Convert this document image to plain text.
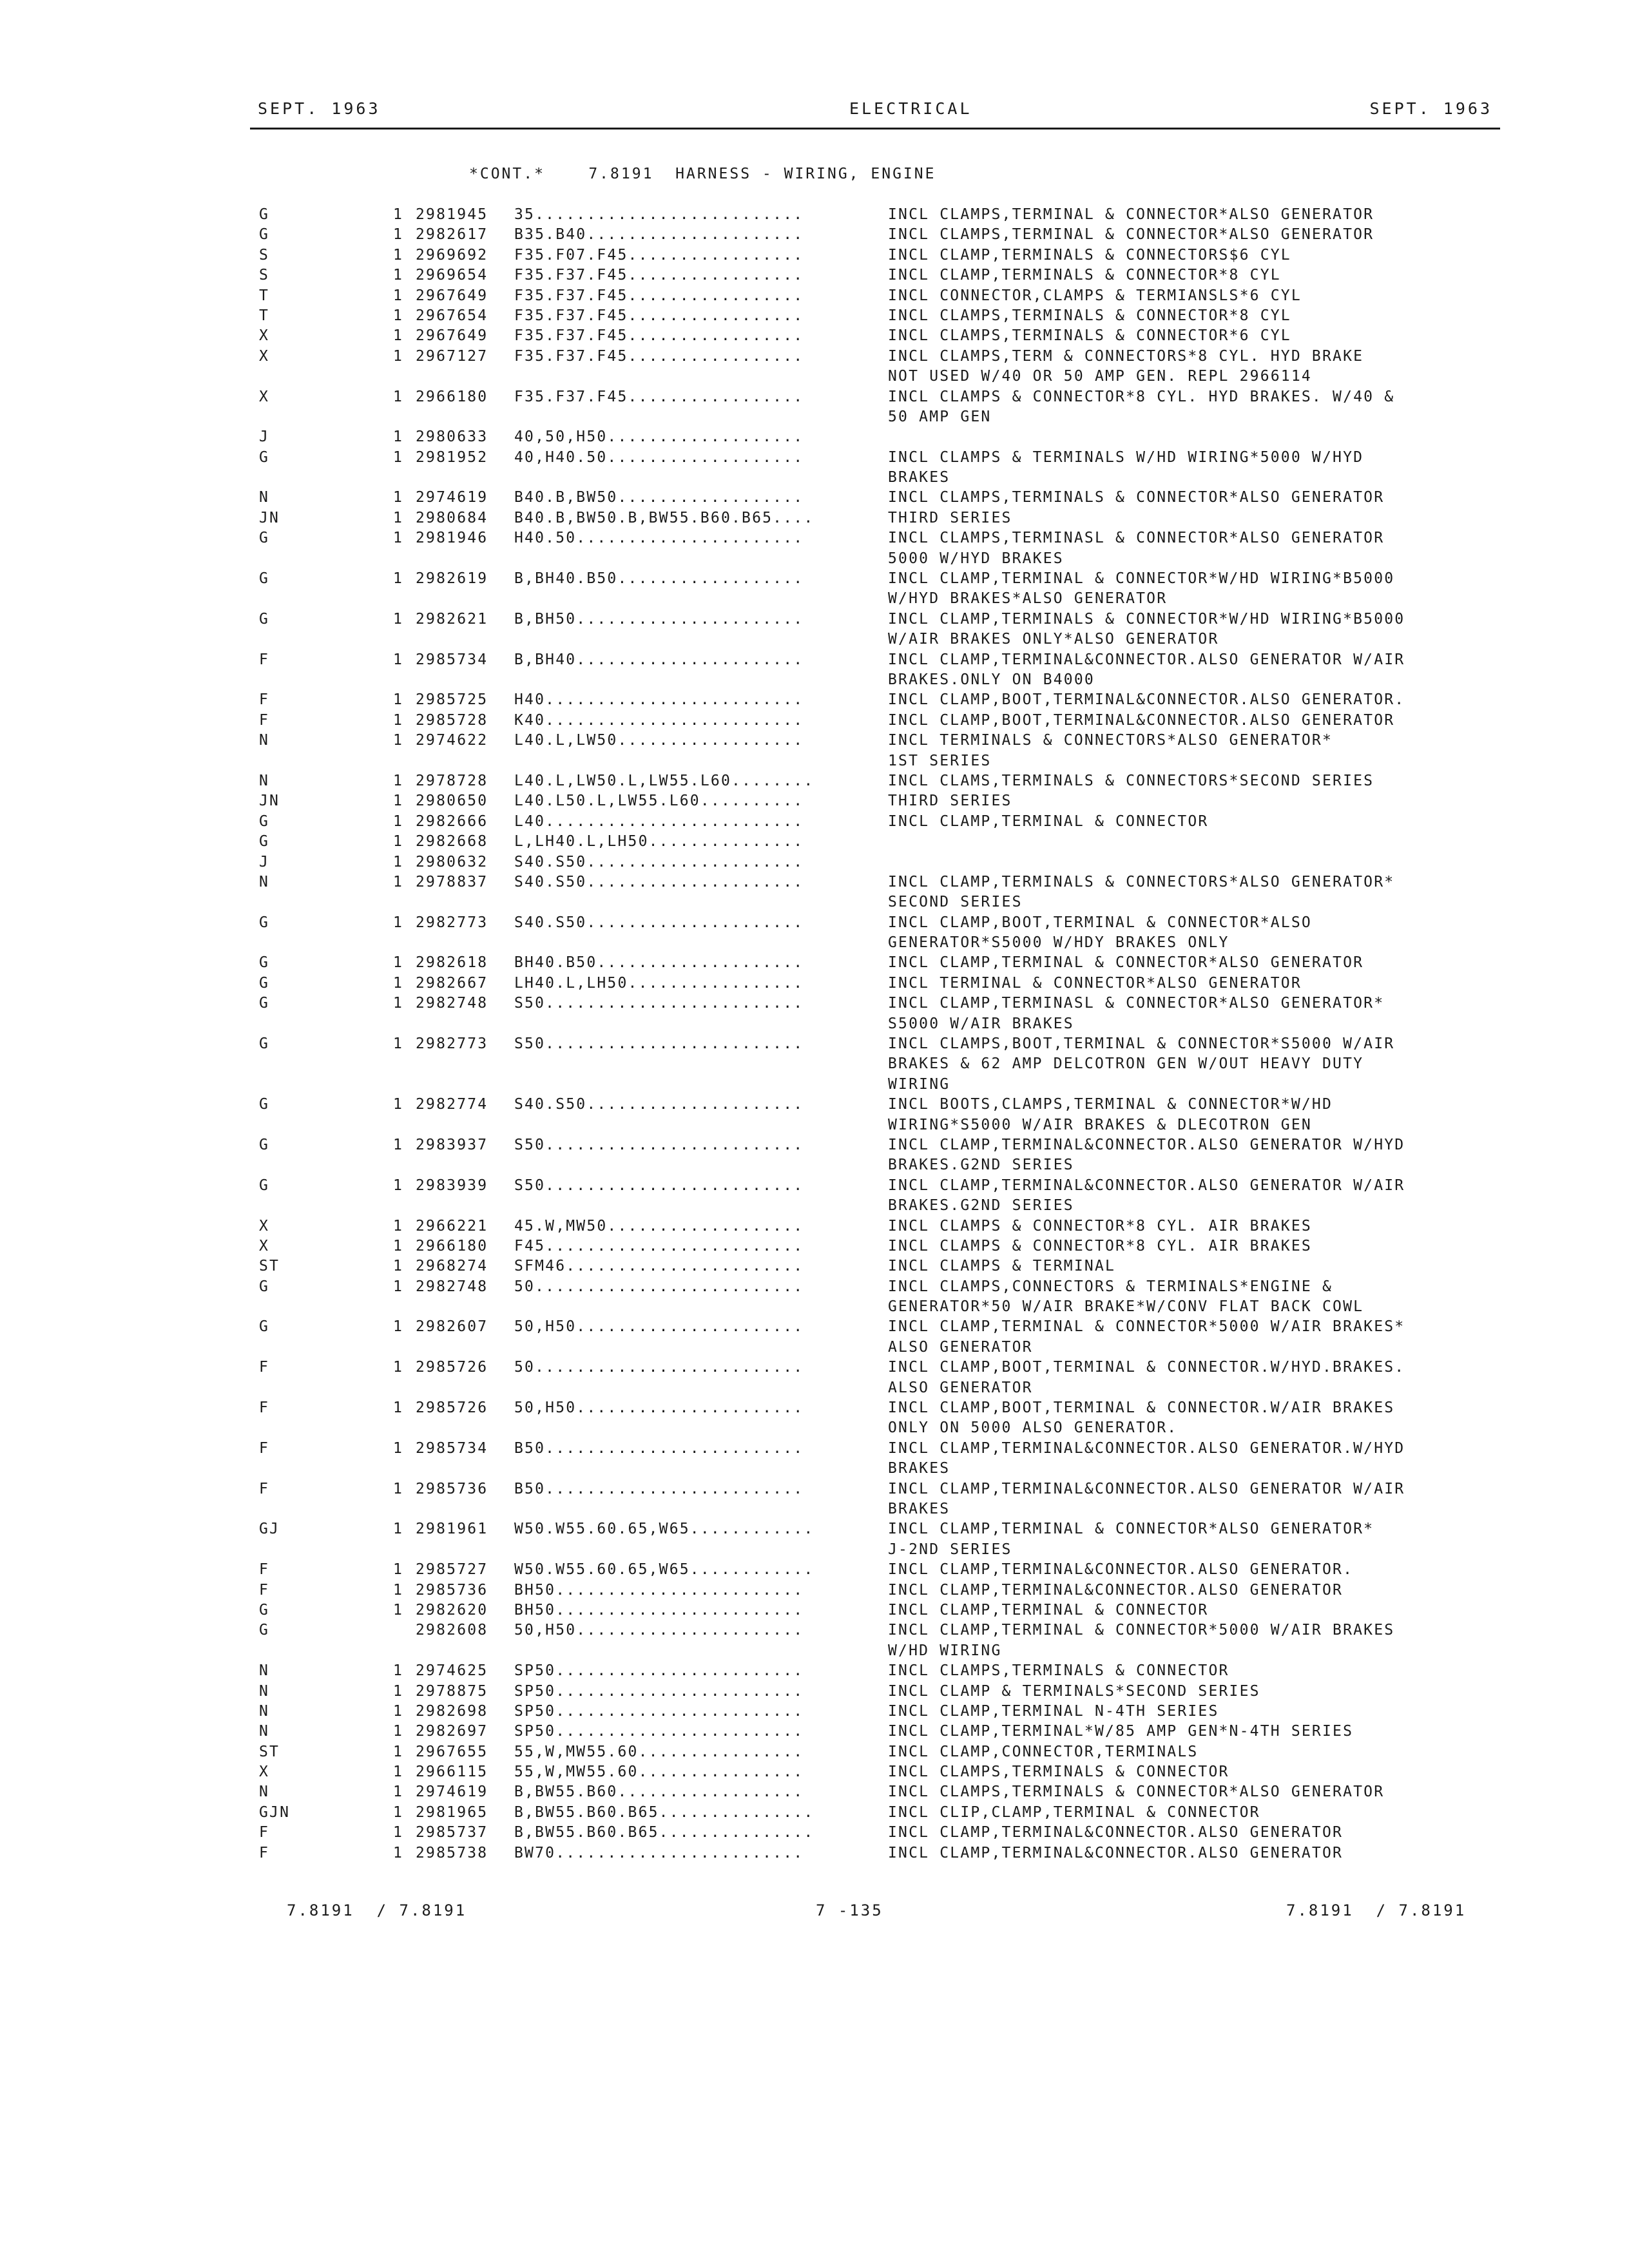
SEPT. 1963	ELECTRICAL	SEPT. 1963
*CONT.*	7.8191 HARNESS - WIRING, ENGINE
G	1 2981945 35..........................	INCL CLAMPS,TERMINAL & CONNECTOR*ALSO GENERATOR
G	1 2982617 B35.B40.....................	INCL CLAMPS,TERMINAL & CONNECTOR*ALSO GENERATOR
S	1 2969692 F35.F07.F45.................	INCL CLAMP,TERMINALS & CONNECTORS$6 CYL
S	1 2969654 F35.F37.F45.................	INCL CLAMP,TERMINALS & CONNECTOR*8 CYL
T	1 2967649 F35.F37.F45.................	INCL CONNECTOR,CLAMPS & TERMIANSLS*6 CYL
T	1 2967654 F35.F37.F45.................	INCL CLAMPS,TERMINALS & CONNECTOR*8 CYL
X	1 2967649 F35.F37.F45.................	INCL CLAMPS,TERMINALS & CONNECTOR*6 CYL
X	1 2967127 F35.F37.F45.................	INCL CLAMPS,TERM & CONNECTORS*8 CYL. HYD BRAKE
NOT USED W/40 OR 50 AMP GEN. REPL 2966114
X	1 2966180 F35.F37.F45.................	INCL CLAMPS & CONNECTOR*8 CYL. HYD BRAKES. W/40 &
50 AMP GEN
J	1 2980633 40,50,H50...................
G	1 2981952 40,H40.50...................	INCL CLAMPS & TERMINALS W/HD WIRING*5000 W/HYD
BRAKES
N	1 2974619 B40.B,BW50..................	INCL CLAMPS,TERMINALS & CONNECTOR*ALSO GENERATOR
JN	1 2980684 B40.B,BW50.B,BW55.B60.B65....	THIRD SERIES
G	1 2981946 H40.50......................	INCL CLAMPS,TERMINASL & CONNECTOR*ALSO GENERATOR
5000 W/HYD BRAKES
G	1 2982619 B,BH40.B50..................	INCL CLAMP,TERMINAL & CONNECTOR*W/HD WIRING*B5000
W/HYD BRAKES*ALSO GENERATOR
G	1 2982621 B,BH50......................	INCL CLAMP,TERMINALS & CONNECTOR*W/HD WIRING*B5000
W/AIR BRAKES ONLY*ALSO GENERATOR
F	1 2985734 B,BH40......................	INCL CLAMP,TERMINAL&CONNECTOR.ALSO GENERATOR W/AIR
BRAKES.ONLY ON B4000
F	1 2985725 H40.........................	INCL CLAMP,BOOT,TERMINAL&CONNECTOR.ALSO GENERATOR.
F	1 2985728 K40.........................	INCL CLAMP,BOOT,TERMINAL&CONNECTOR.ALSO GENERATOR
N	1 2974622 L40.L,LW50..................	INCL TERMINALS & CONNECTORS*ALSO GENERATOR*
1ST SERIES
N	1 2978728 L40.L,LW50.L,LW55.L60........	INCL CLAMS,TERMINALS & CONNECTORS*SECOND SERIES
JN	1 2980650 L40.L50.L,LW55.L60..........	THIRD SERIES
G	1 2982666 L40.........................	INCL CLAMP,TERMINAL & CONNECTOR
G	1 2982668 L,LH40.L,LH50...............
J	1 2980632 S40.S50.....................
N	1 2978837 S40.S50.....................	INCL CLAMP,TERMINALS & CONNECTORS*ALSO GENERATOR*
SECOND SERIES
G	1 2982773 S40.S50.....................	INCL CLAMP,BOOT,TERMINAL & CONNECTOR*ALSO
GENERATOR*S5000 W/HDY BRAKES ONLY
G	1 2982618 BH40.B50....................	INCL CLAMP,TERMINAL & CONNECTOR*ALSO GENERATOR
G	1 2982667 LH40.L,LH50.................	INCL TERMINAL & CONNECTOR*ALSO GENERATOR
G	1 2982748 S50.........................	INCL CLAMP,TERMINASL & CONNECTOR*ALSO GENERATOR*
S5000 W/AIR BRAKES
G	1 2982773 S50.........................	INCL CLAMPS,BOOT,TERMINAL & CONNECTOR*S5000 W/AIR
BRAKES & 62 AMP DELCOTRON GEN W/OUT HEAVY DUTY
WIRING
G	1 2982774 S40.S50.....................	INCL BOOTS,CLAMPS,TERMINAL & CONNECTOR*W/HD
WIRING*S5000 W/AIR BRAKES & DLECOTRON GEN
G	1 2983937 S50.........................	INCL CLAMP,TERMINAL&CONNECTOR.ALSO GENERATOR W/HYD
BRAKES.G2ND SERIES
G	1 2983939 S50.........................	INCL CLAMP,TERMINAL&CONNECTOR.ALSO GENERATOR W/AIR
BRAKES.G2ND SERIES
X	1 2966221 45.W,MW50...................	INCL CLAMPS & CONNECTOR*8 CYL. AIR BRAKES
X	1 2966180 F45.........................	INCL CLAMPS & CONNECTOR*8 CYL. AIR BRAKES
ST	1 2968274 SFM46.......................	INCL CLAMPS & TERMINAL
G	1 2982748 50..........................	INCL CLAMPS,CONNECTORS & TERMINALS*ENGINE &
GENERATOR*50 W/AIR BRAKE*W/CONV FLAT BACK COWL
G	1 2982607 50,H50......................	INCL CLAMP,TERMINAL & CONNECTOR*5000 W/AIR BRAKES*
ALSO GENERATOR
F	1 2985726 50..........................	INCL CLAMP,BOOT,TERMINAL & CONNECTOR.W/HYD.BRAKES.
ALSO GENERATOR
F	1 2985726 50,H50......................	INCL CLAMP,BOOT,TERMINAL & CONNECTOR.W/AIR BRAKES
ONLY ON 5000 ALSO GENERATOR.
F	1 2985734 B50.........................	INCL CLAMP,TERMINAL&CONNECTOR.ALSO GENERATOR.W/HYD
BRAKES
F	1 2985736 B50.........................	INCL CLAMP,TERMINAL&CONNECTOR.ALSO GENERATOR W/AIR
BRAKES
GJ	1 2981961 W50.W55.60.65,W65............	INCL CLAMP,TERMINAL & CONNECTOR*ALSO GENERATOR*
J-2ND SERIES
F	1 2985727 W50.W55.60.65,W65............	INCL CLAMP,TERMINAL&CONNECTOR.ALSO GENERATOR.
F	1 2985736 BH50........................	INCL CLAMP,TERMINAL&CONNECTOR.ALSO GENERATOR
G	1 2982620 BH50........................	INCL CLAMP,TERMINAL & CONNECTOR
G	2982608 50,H50......................	INCL CLAMP,TERMINAL & CONNECTOR*5000 W/AIR BRAKES
W/HD WIRING
N	1 2974625 SP50........................	INCL CLAMPS,TERMINALS & CONNECTOR
N	1 2978875 SP50........................	INCL CLAMP & TERMINALS*SECOND SERIES
N	1 2982698 SP50........................	INCL CLAMP,TERMINAL N-4TH SERIES
N	1 2982697 SP50........................	INCL CLAMP,TERMINAL*W/85 AMP GEN*N-4TH SERIES
ST	1 2967655 55,W,MW55.60................	INCL CLAMP,CONNECTOR,TERMINALS
X	1 2966115 55,W,MW55.60................	INCL CLAMPS,TERMINALS & CONNECTOR
N	1 2974619 B,BW55.B60..................	INCL CLAMPS,TERMINALS & CONNECTOR*ALSO GENERATOR
GJN	1 2981965 B,BW55.B60.B65...............	INCL CLIP,CLAMP,TERMINAL & CONNECTOR
F	1 2985737 B,BW55.B60.B65...............	INCL CLAMP,TERMINAL&CONNECTOR.ALSO GENERATOR
F	1 2985738 BW70........................	INCL CLAMP,TERMINAL&CONNECTOR.ALSO GENERATOR
7.8191  / 7.8191	7 -135	7.8191  / 7.8191
